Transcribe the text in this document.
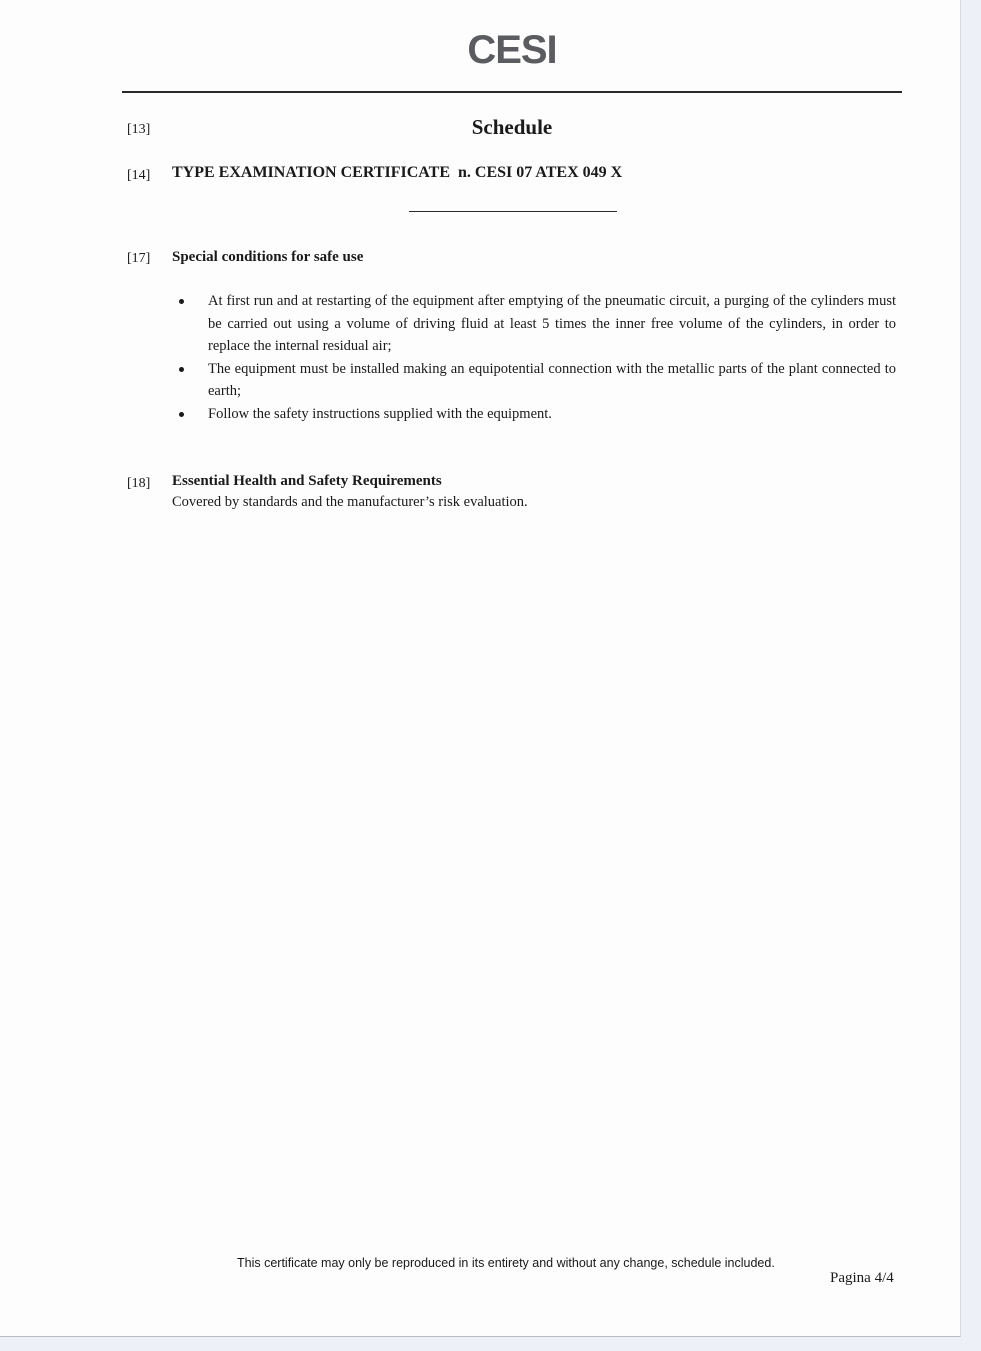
CESI
[13]	Schedule
[14] TYPE EXAMINATION CERTIFICATE n. CESI 07 ATEX 049 X
[17] Special conditions for safe use
At first run and at restarting of the equipment after emptying of the pneumatic circuit, a purging of the cylinders must be carried out using a volume of driving fluid at least 5 times the inner free volume of the cylinders, in order to replace the internal residual air;
The equipment must be installed making an equipotential connection with the metallic parts of the plant connected to earth;
Follow the safety instructions supplied with the equipment.
[18] Essential Health and Safety Requirements
Covered by standards and the manufacturer’s risk evaluation.
This certificate may only be reproduced in its entirety and without any change, schedule included.
Pagina 4/4
